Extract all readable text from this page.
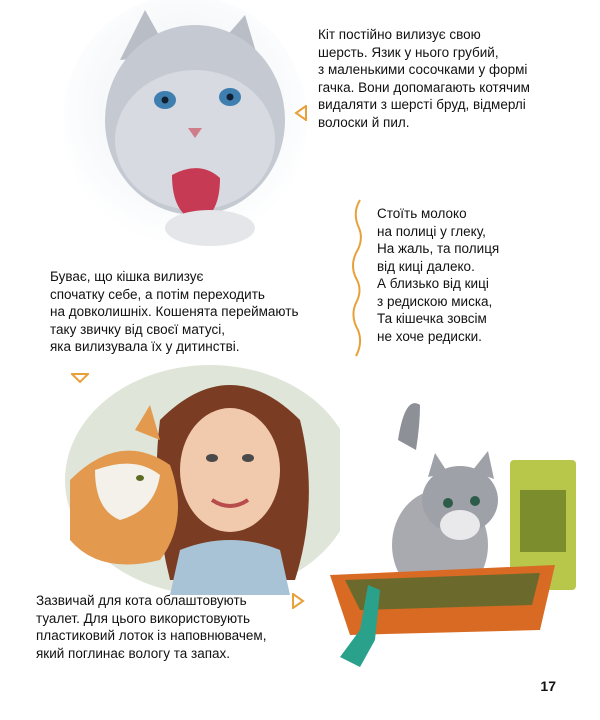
Кіт постійно вилизує свою
шерсть. Язик у нього грубий,
з маленькими сосочками у формі
гачка. Вони допомагають котячим
видаляти з шерсті бруд, відмерлі
волоски й пил.
Стоїть молоко
на полиці у глеку,
На жаль, та полиця
від киці далеко.
А близько від киці
з редискою миска,
Та кішечка зовсім
не хоче редиски.
Буває, що кішка вилизує
спочатку себе, а потім переходить
на довколишніх. Кошенята переймають
таку звичку від своєї матусі,
яка вилизувала їх у дитинстві.
Зазвичай для кота облаштовують
туалет. Для цього використовують
пластиковий лоток із наповнювачем,
який поглинає вологу та запах.
17
